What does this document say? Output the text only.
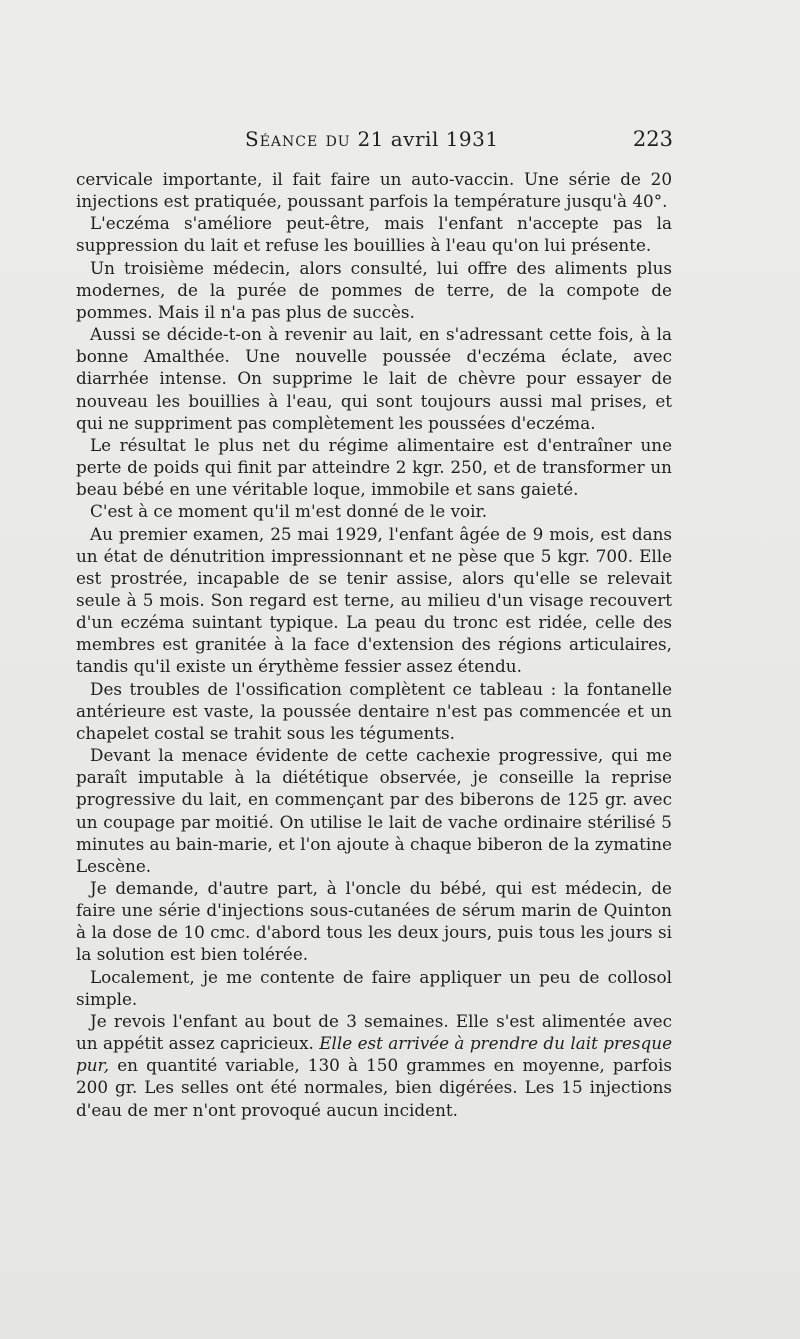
Séance du 21 avril 1931	223

cervicale importante, il fait faire un auto-vaccin. Une série de 20 injections est pratiquée, poussant parfois la température jusqu'à 40°.

L'eczéma s'améliore peut-être, mais l'enfant n'accepte pas la suppression du lait et refuse les bouillies à l'eau qu'on lui présente.

Un troisième médecin, alors consulté, lui offre des aliments plus modernes, de la purée de pommes de terre, de la compote de pommes. Mais il n'a pas plus de succès.

Aussi se décide-t-on à revenir au lait, en s'adressant cette fois, à la bonne Amalthée. Une nouvelle poussée d'eczéma éclate, avec diarrhée intense. On supprime le lait de chèvre pour essayer de nouveau les bouillies à l'eau, qui sont toujours aussi mal prises, et qui ne suppriment pas complètement les poussées d'eczéma.

Le résultat le plus net du régime alimentaire est d'entraîner une perte de poids qui finit par atteindre 2 kgr. 250, et de transformer un beau bébé en une véritable loque, immobile et sans gaieté.

C'est à ce moment qu'il m'est donné de le voir.

Au premier examen, 25 mai 1929, l'enfant âgée de 9 mois, est dans un état de dénutrition impressionnant et ne pèse que 5 kgr. 700. Elle est prostrée, incapable de se tenir assise, alors qu'elle se relevait seule à 5 mois. Son regard est terne, au milieu d'un visage recouvert d'un eczéma suintant typique. La peau du tronc est ridée, celle des membres est granitée à la face d'extension des régions articulaires, tandis qu'il existe un érythème fessier assez étendu.

Des troubles de l'ossification complètent ce tableau : la fontanelle antérieure est vaste, la poussée dentaire n'est pas commencée et un chapelet costal se trahit sous les téguments.

Devant la menace évidente de cette cachexie progressive, qui me paraît imputable à la diététique observée, je conseille la reprise progressive du lait, en commençant par des biberons de 125 gr. avec un coupage par moitié. On utilise le lait de vache ordinaire stérilisé 5 minutes au bain-marie, et l'on ajoute à chaque biberon de la zymatine Lescène.

Je demande, d'autre part, à l'oncle du bébé, qui est médecin, de faire une série d'injections sous-cutanées de sérum marin de Quinton à la dose de 10 cmc. d'abord tous les deux jours, puis tous les jours si la solution est bien tolérée.

Localement, je me contente de faire appliquer un peu de collosol simple.

Je revois l'enfant au bout de 3 semaines. Elle s'est alimentée avec un appétit assez capricieux. Elle est arrivée à prendre du lait presque pur, en quantité variable, 130 à 150 grammes en moyenne, parfois 200 gr. Les selles ont été normales, bien digérées. Les 15 injections d'eau de mer n'ont provoqué aucun incident.
